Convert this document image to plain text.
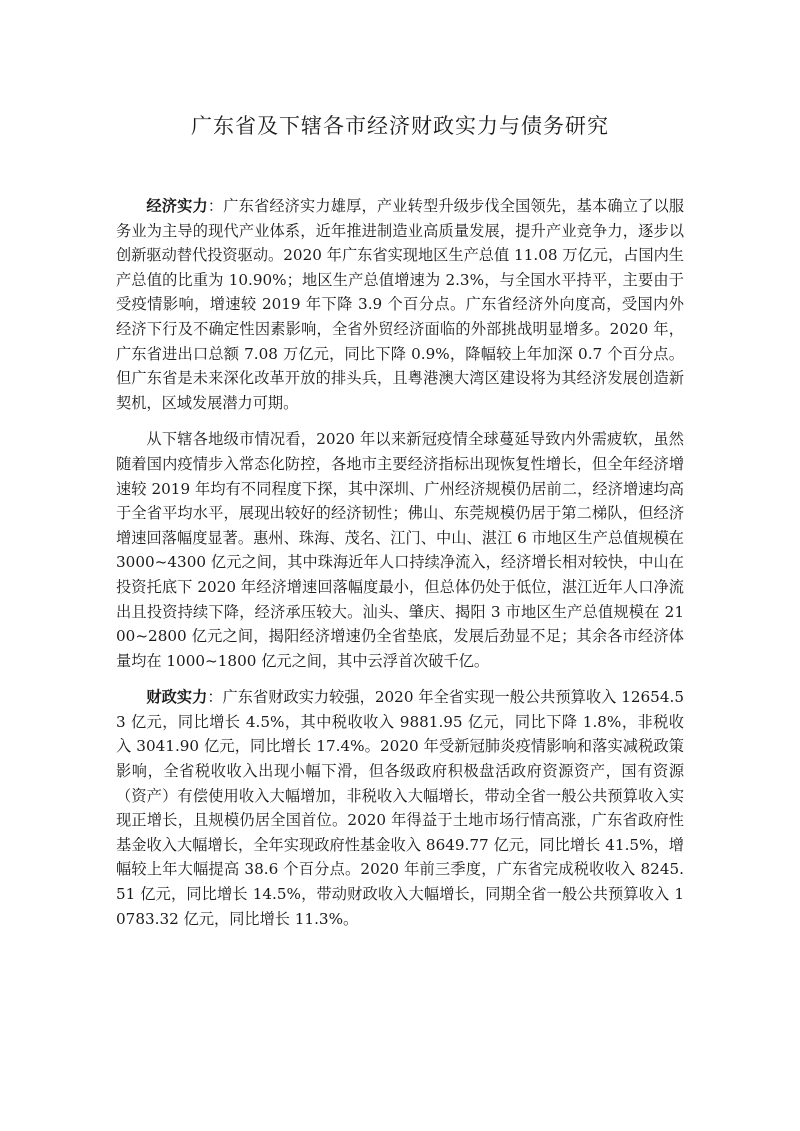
广东省及下辖各市经济财政实力与债务研究

经济实力：广东省经济实力雄厚，产业转型升级步伐全国领先，基本确立了以服务业为主导的现代产业体系，近年推进制造业高质量发展，提升产业竞争力，逐步以创新驱动替代投资驱动。2020 年广东省实现地区生产总值 11.08 万亿元，占国内生产总值的比重为 10.90%；地区生产总值增速为 2.3%，与全国水平持平，主要由于受疫情影响，增速较 2019 年下降 3.9 个百分点。广东省经济外向度高，受国内外经济下行及不确定性因素影响，全省外贸经济面临的外部挑战明显增多。2020 年，广东省进出口总额 7.08 万亿元，同比下降 0.9%，降幅较上年加深 0.7 个百分点。但广东省是未来深化改革开放的排头兵，且粤港澳大湾区建设将为其经济发展创造新契机，区域发展潜力可期。

从下辖各地级市情况看，2020 年以来新冠疫情全球蔓延导致内外需疲软，虽然随着国内疫情步入常态化防控，各地市主要经济指标出现恢复性增长，但全年经济增速较 2019 年均有不同程度下探，其中深圳、广州经济规模仍居前二，经济增速均高于全省平均水平，展现出较好的经济韧性；佛山、东莞规模仍居于第二梯队，但经济增速回落幅度显著。惠州、珠海、茂名、江门、中山、湛江 6 市地区生产总值规模在 3000~4300 亿元之间，其中珠海近年人口持续净流入，经济增长相对较快，中山在投资托底下 2020 年经济增速回落幅度最小，但总体仍处于低位，湛江近年人口净流出且投资持续下降，经济承压较大。汕头、肇庆、揭阳 3 市地区生产总值规模在 2100~2800 亿元之间，揭阳经济增速仍全省垫底，发展后劲显不足；其余各市经济体量均在 1000~1800 亿元之间，其中云浮首次破千亿。

财政实力：广东省财政实力较强，2020 年全省实现一般公共预算收入 12654.53 亿元，同比增长 4.5%，其中税收收入 9881.95 亿元，同比下降 1.8%，非税收入 3041.90 亿元，同比增长 17.4%。2020 年受新冠肺炎疫情影响和落实减税政策影响，全省税收收入出现小幅下滑，但各级政府积极盘活政府资源资产，国有资源（资产）有偿使用收入大幅增加，非税收入大幅增长，带动全省一般公共预算收入实现正增长，且规模仍居全国首位。2020 年得益于土地市场行情高涨，广东省政府性基金收入大幅增长，全年实现政府性基金收入 8649.77 亿元，同比增长 41.5%，增幅较上年大幅提高 38.6 个百分点。2020 年前三季度，广东省完成税收收入 8245.51 亿元，同比增长 14.5%，带动财政收入大幅增长，同期全省一般公共预算收入 10783.32 亿元，同比增长 11.3%。
